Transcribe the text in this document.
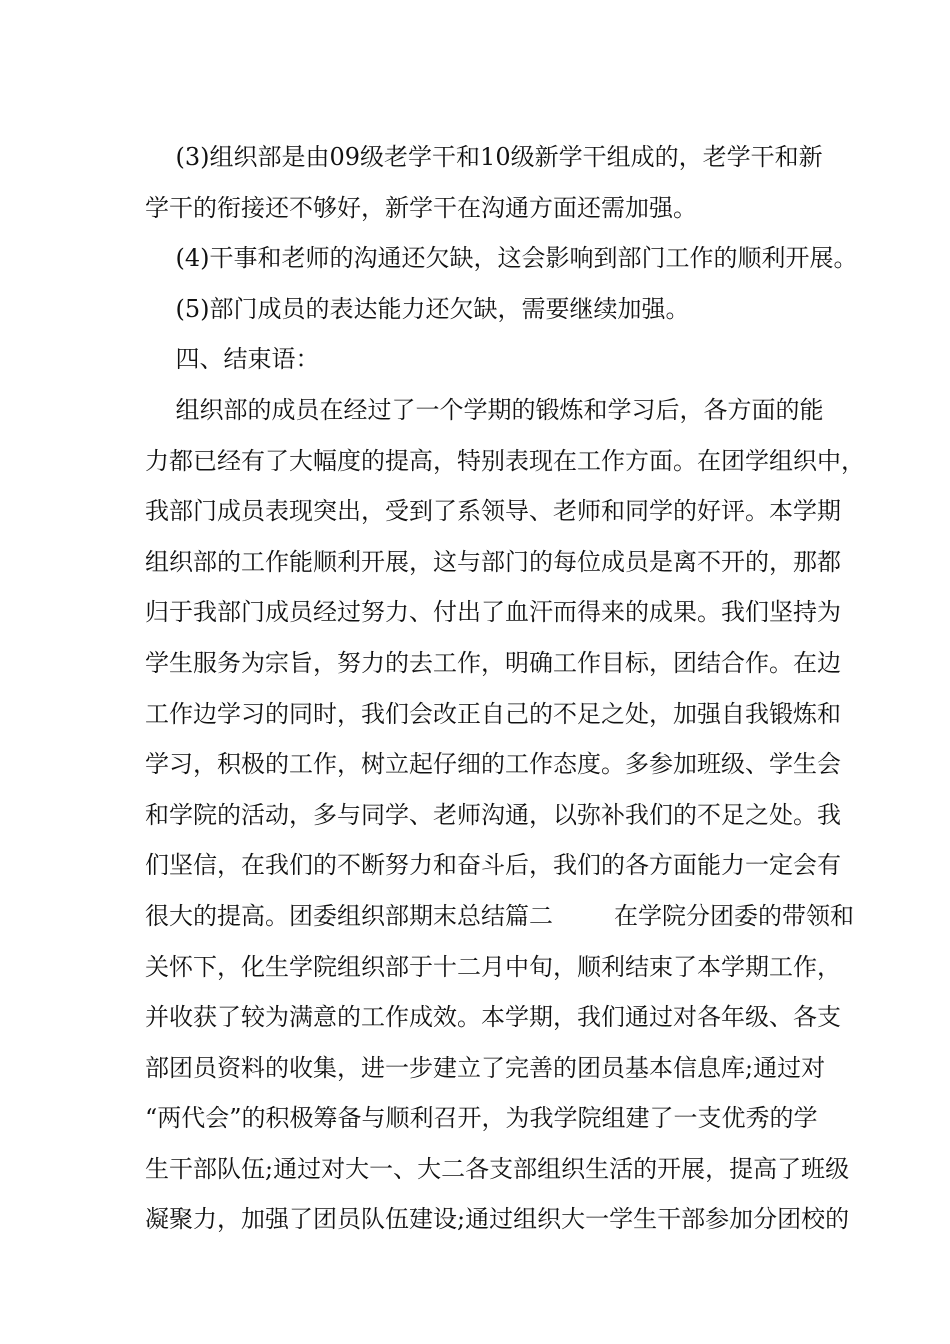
(3)组织部是由09级老学干和10级新学干组成的，老学干和新
学干的衔接还不够好，新学干在沟通方面还需加强。
(4)干事和老师的沟通还欠缺，这会影响到部门工作的顺利开展。
(5)部门成员的表达能力还欠缺，需要继续加强。
四、结束语：
组织部的成员在经过了一个学期的锻炼和学习后，各方面的能
力都已经有了大幅度的提高，特别表现在工作方面。在团学组织中，
我部门成员表现突出，受到了系领导、老师和同学的好评。本学期
组织部的工作能顺利开展，这与部门的每位成员是离不开的，那都
归于我部门成员经过努力、付出了血汗而得来的成果。我们坚持为
学生服务为宗旨，努力的去工作，明确工作目标，团结合作。在边
工作边学习的同时，我们会改正自己的不足之处，加强自我锻炼和
学习，积极的工作，树立起仔细的工作态度。多参加班级、学生会
和学院的活动，多与同学、老师沟通，以弥补我们的不足之处。我
们坚信，在我们的不断努力和奋斗后，我们的各方面能力一定会有
很大的提高。团委组织部期末总结篇二        在学院分团委的带领和
关怀下，化生学院组织部于十二月中旬，顺利结束了本学期工作，
并收获了较为满意的工作成效。本学期，我们通过对各年级、各支
部团员资料的收集，进一步建立了完善的团员基本信息库;通过对
“两代会”的积极筹备与顺利召开，为我学院组建了一支优秀的学
生干部队伍;通过对大一、大二各支部组织生活的开展，提高了班级
凝聚力，加强了团员队伍建设;通过组织大一学生干部参加分团校的
